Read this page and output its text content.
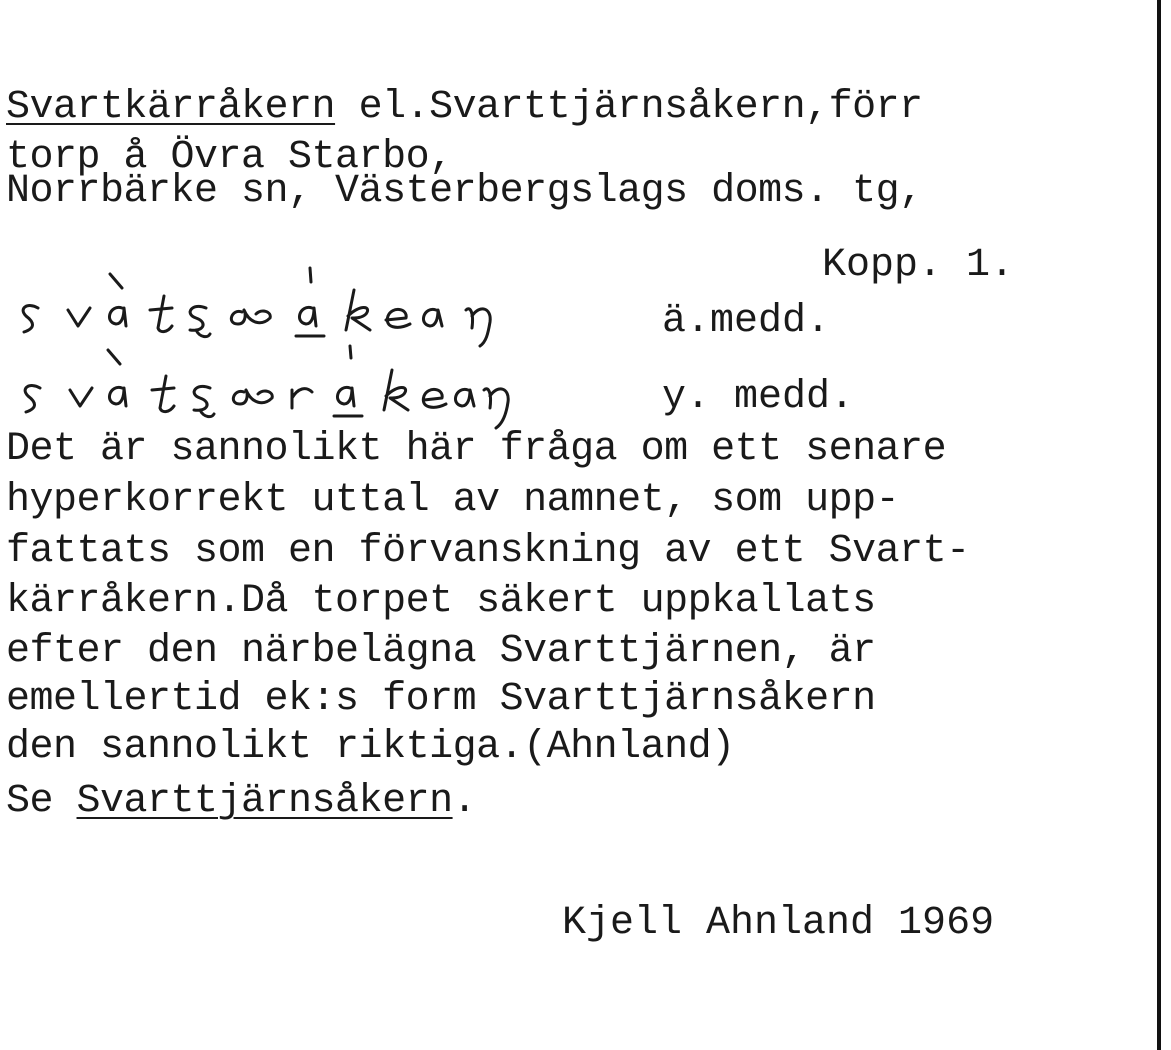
Svartkärråkern el.Svarttjärnsåkern,förr
torp å Övra Starbo,
Norrbärke sn, Västerbergslags doms. tg,
Kopp. 1.
ä.medd.
y. medd.
Det är sannolikt här fråga om ett senare
hyperkorrekt uttal av namnet, som upp-
fattats som en förvanskning av ett Svart-
kärråkern.Då torpet säkert uppkallats
efter den närbelägna Svarttjärnen, är
emellertid ek:s form Svarttjärnsåkern
den sannolikt riktiga.(Ahnland)
Se Svarttjärnsåkern.
Kjell Ahnland 1969
